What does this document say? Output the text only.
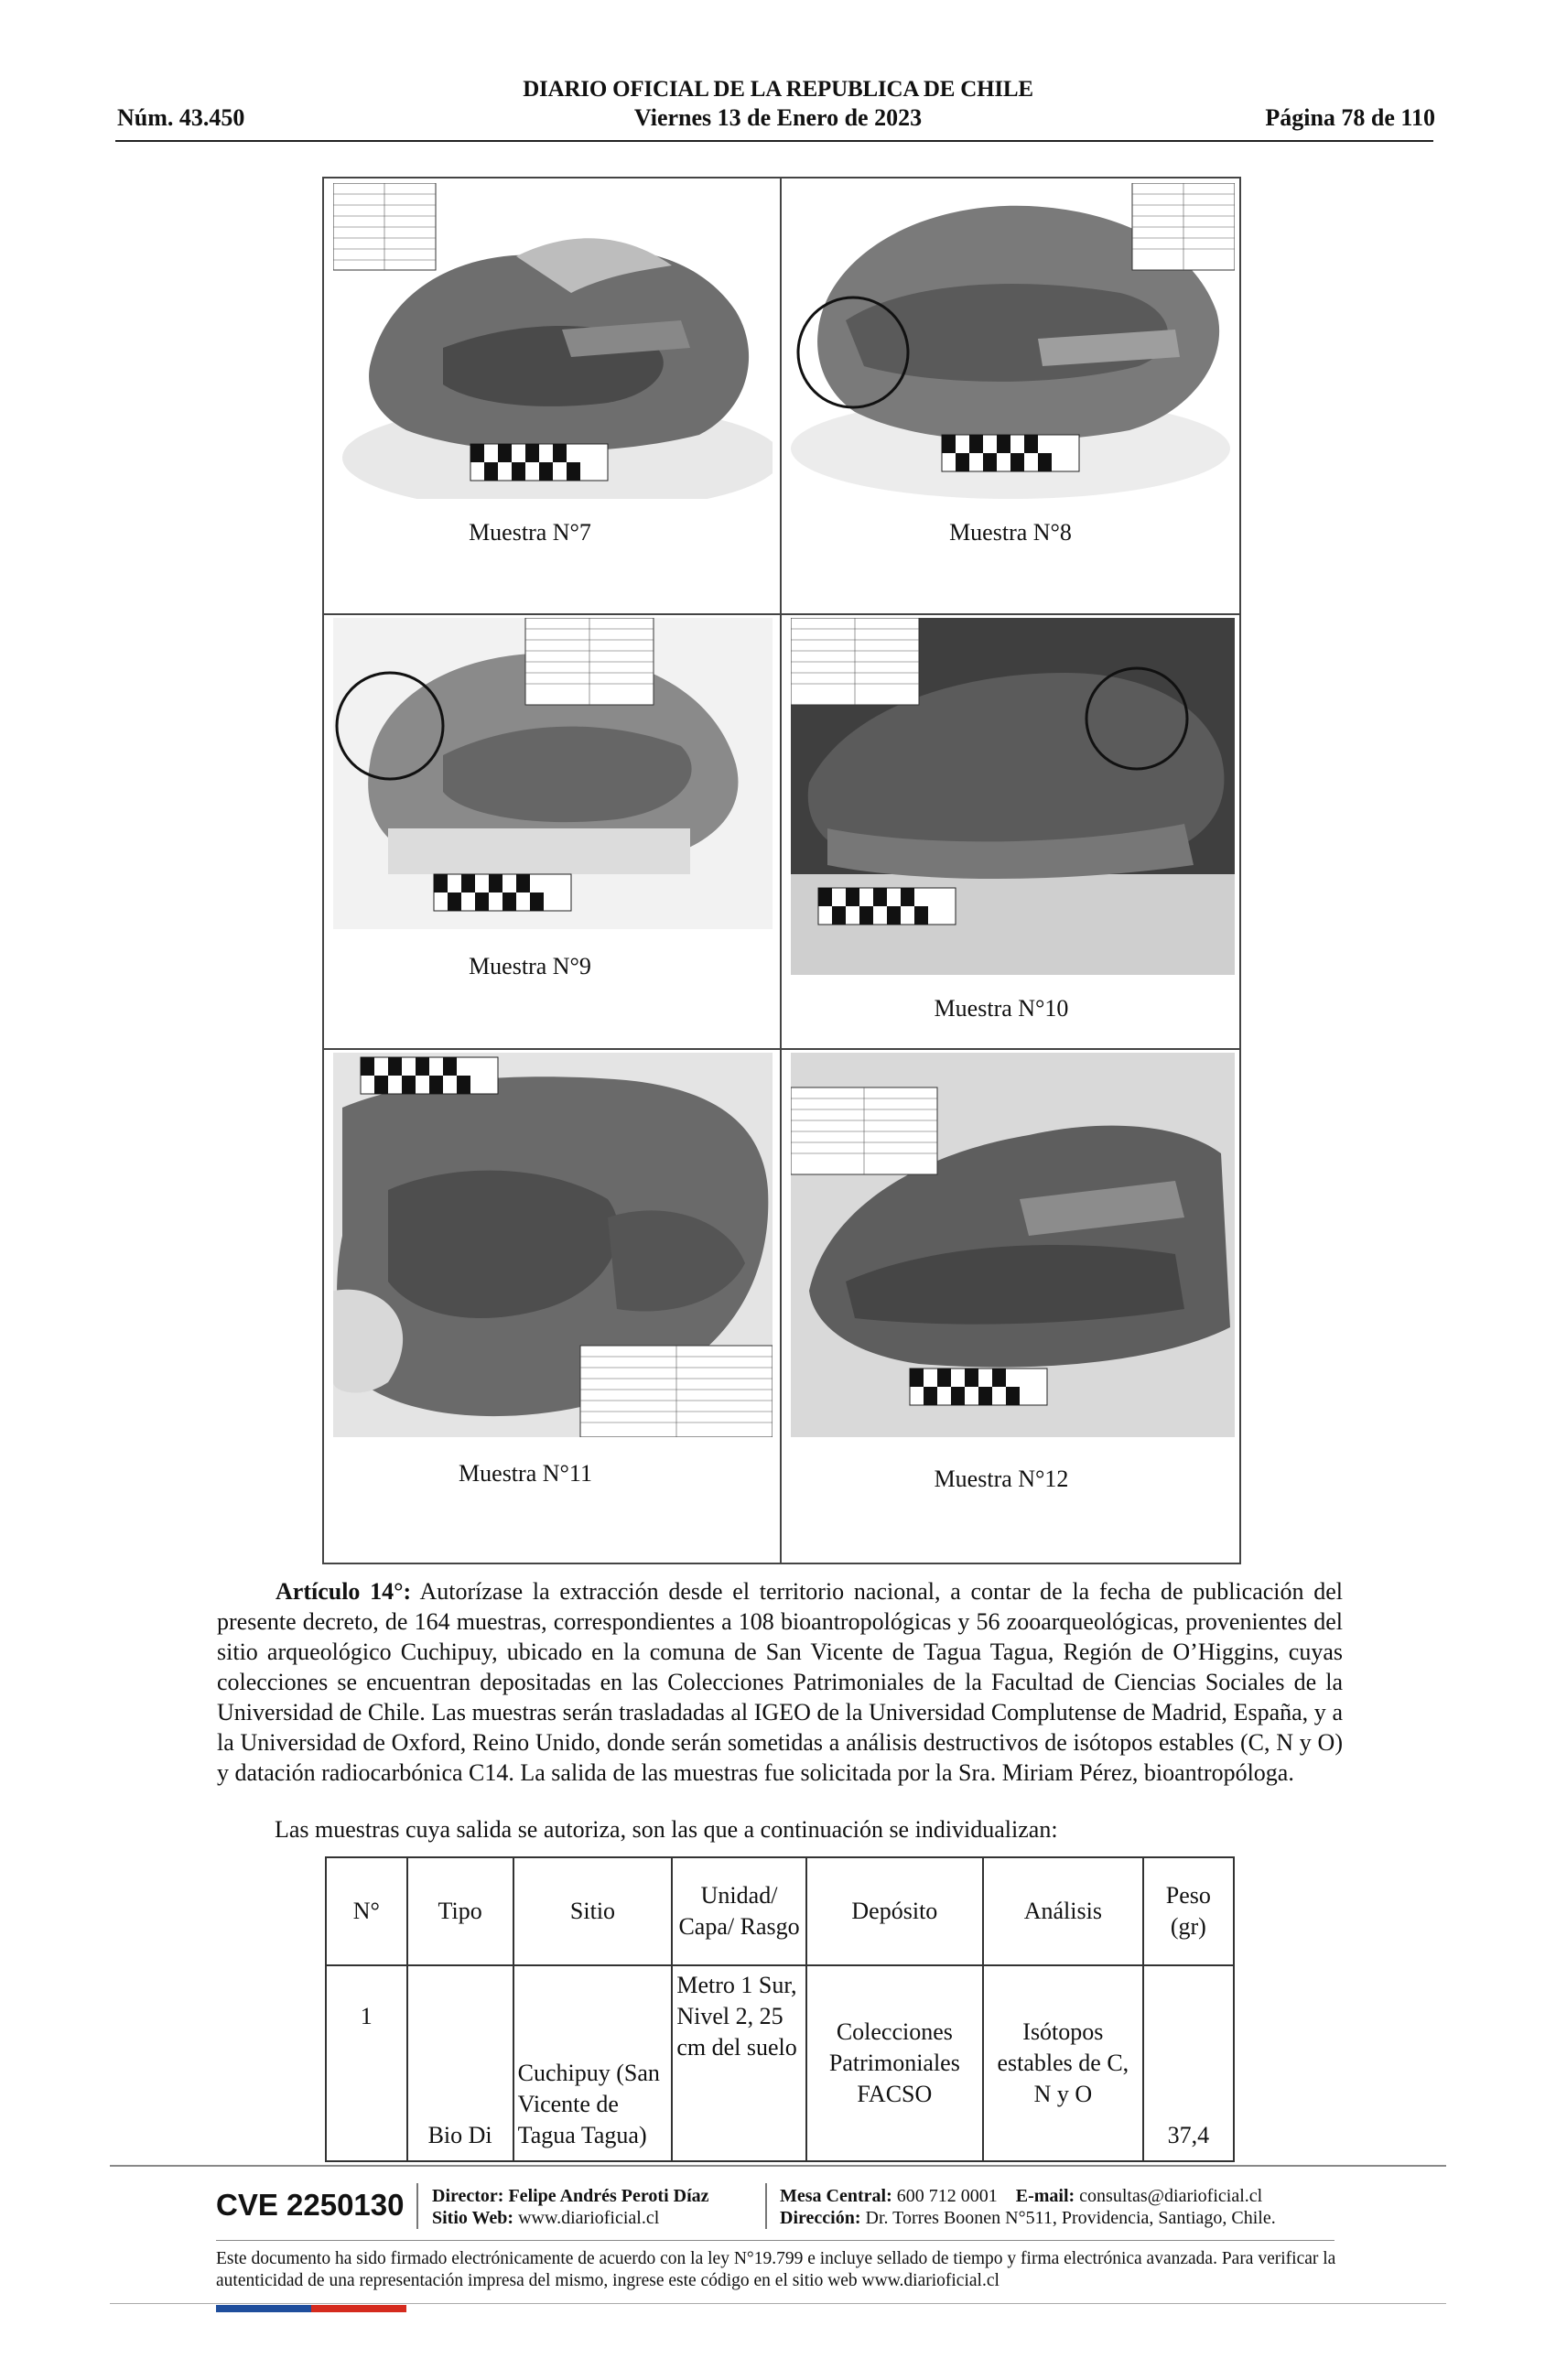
DIARIO OFICIAL DE LA REPUBLICA DE CHILE
Núm. 43.450	Viernes 13 de Enero de 2023	Página 78 de 110
Muestra N°7	Muestra N°8
Muestra N°9
Muestra N°10
Muestra N°11	Muestra N°12
Artículo 14°: Autorízase la extracción desde el territorio nacional, a contar de la fecha de publicación del presente decreto, de 164 muestras, correspondientes a 108 bioantropológicas y 56 zooarqueológicas, provenientes del sitio arqueológico Cuchipuy, ubicado en la comuna de San Vicente de Tagua Tagua, Región de O’Higgins, cuyas colecciones se encuentran depositadas en las Colecciones Patrimoniales de la Facultad de Ciencias Sociales de la Universidad de Chile. Las muestras serán trasladadas al IGEO de la Universidad Complutense de Madrid, España, y a la Universidad de Oxford, Reino Unido, donde serán sometidas a análisis destructivos de isótopos estables (C, N y O) y datación radiocarbónica C14. La salida de las muestras fue solicitada por la Sra. Miriam Pérez, bioantropóloga.
Las muestras cuya salida se autoriza, son las que a continuación se individualizan:
N°	Tipo	Sitio	Unidad/ Capa/ Rasgo	Depósito	Análisis	Peso (gr)
1	Bio Di	Cuchipuy (San Vicente de Tagua Tagua)	Metro 1 Sur, Nivel 2, 25 cm del suelo	Colecciones Patrimoniales FACSO	Isótopos estables de C, N y O	37,4
CVE 2250130 Director: Felipe Andrés Peroti Díaz
Sitio Web: www.diarioficial.cl
Mesa Central: 600 712 0001 E-mail: consultas@diarioficial.cl
Dirección: Dr. Torres Boonen N°511, Providencia, Santiago, Chile.
Este documento ha sido firmado electrónicamente de acuerdo con la ley N°19.799 e incluye sellado de tiempo y firma electrónica avanzada. Para verificar la autenticidad de una representación impresa del mismo, ingrese este código en el sitio web www.diarioficial.cl
